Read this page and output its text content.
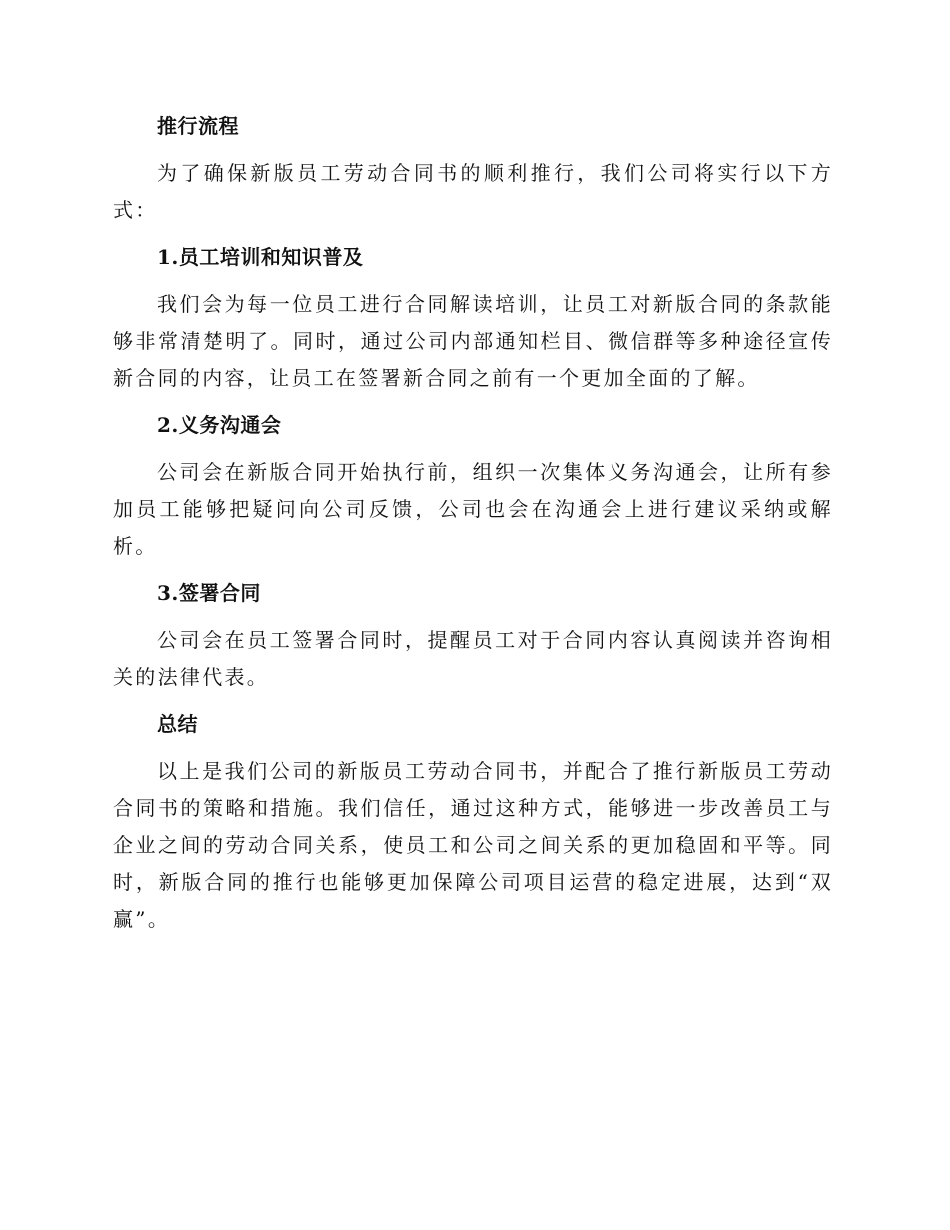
推行流程
为了确保新版员工劳动合同书的顺利推行，我们公司将实行以下方式：
1.员工培训和知识普及
我们会为每一位员工进行合同解读培训，让员工对新版合同的条款能够非常清楚明了。同时，通过公司内部通知栏目、微信群等多种途径宣传新合同的内容，让员工在签署新合同之前有一个更加全面的了解。
2.义务沟通会
公司会在新版合同开始执行前，组织一次集体义务沟通会，让所有参加员工能够把疑问向公司反馈，公司也会在沟通会上进行建议采纳或解析。
3.签署合同
公司会在员工签署合同时，提醒员工对于合同内容认真阅读并咨询相关的法律代表。
总结
以上是我们公司的新版员工劳动合同书，并配合了推行新版员工劳动合同书的策略和措施。我们信任，通过这种方式，能够进一步改善员工与企业之间的劳动合同关系，使员工和公司之间关系的更加稳固和平等。同时，新版合同的推行也能够更加保障公司项目运营的稳定进展，达到“双赢”。
